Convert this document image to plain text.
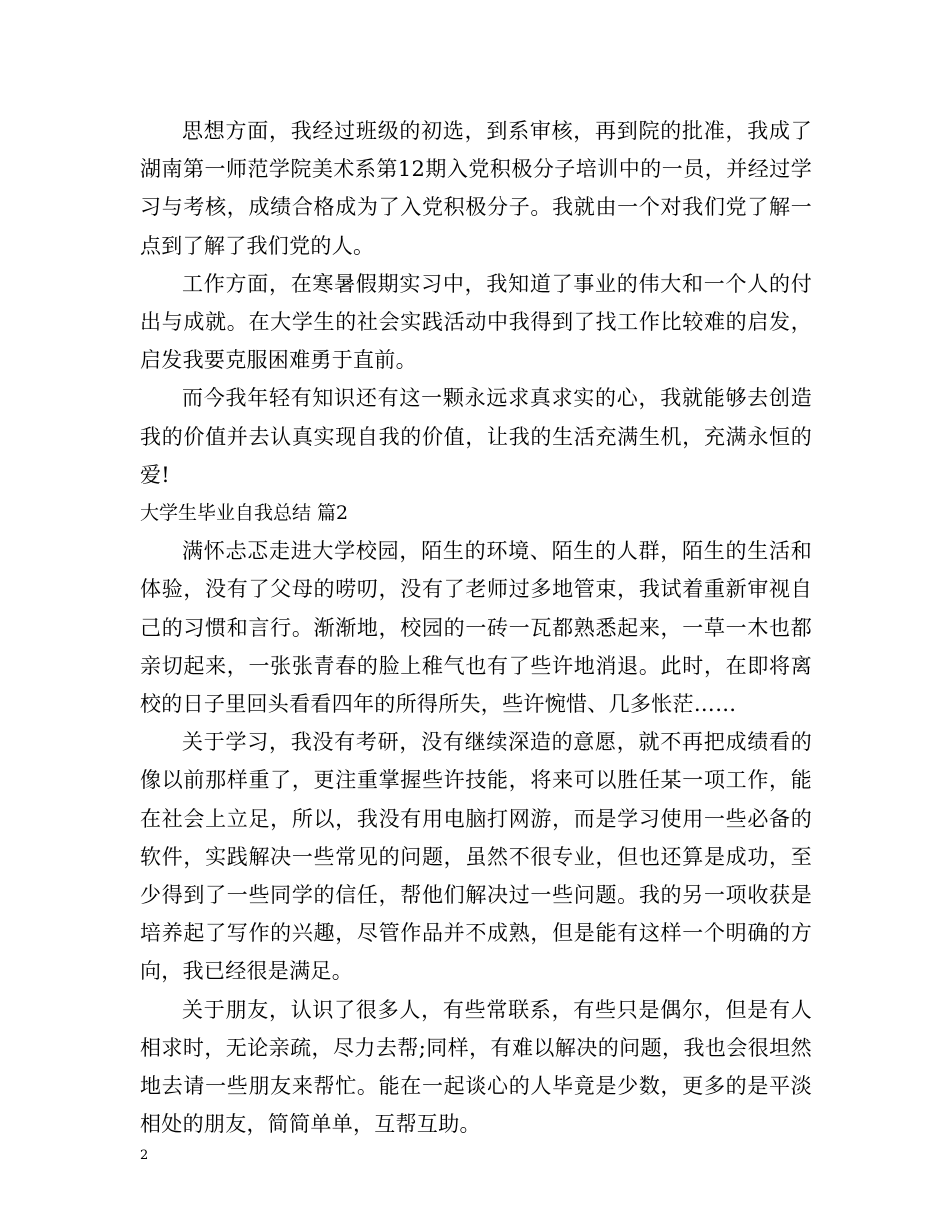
思想方面，我经过班级的初选，到系审核，再到院的批准，我成了湖南第一师范学院美术系第12期入党积极分子培训中的一员，并经过学习与考核，成绩合格成为了入党积极分子。我就由一个对我们党了解一点到了解了我们党的人。

工作方面，在寒暑假期实习中，我知道了事业的伟大和一个人的付出与成就。在大学生的社会实践活动中我得到了找工作比较难的启发，启发我要克服困难勇于直前。

而今我年轻有知识还有这一颗永远求真求实的心，我就能够去创造我的价值并去认真实现自我的价值，让我的生活充满生机，充满永恒的爱!

大学生毕业自我总结 篇2

满怀忐忑走进大学校园，陌生的环境、陌生的人群，陌生的生活和体验，没有了父母的唠叨，没有了老师过多地管束，我试着重新审视自己的习惯和言行。渐渐地，校园的一砖一瓦都熟悉起来，一草一木也都亲切起来，一张张青春的脸上稚气也有了些许地消退。此时，在即将离校的日子里回头看看四年的所得所失，些许惋惜、几多怅茫……

关于学习，我没有考研，没有继续深造的意愿，就不再把成绩看的像以前那样重了，更注重掌握些许技能，将来可以胜任某一项工作，能在社会上立足，所以，我没有用电脑打网游，而是学习使用一些必备的软件，实践解决一些常见的问题，虽然不很专业，但也还算是成功，至少得到了一些同学的信任，帮他们解决过一些问题。我的另一项收获是培养起了写作的兴趣，尽管作品并不成熟，但是能有这样一个明确的方向，我已经很是满足。

关于朋友，认识了很多人，有些常联系，有些只是偶尔，但是有人相求时，无论亲疏，尽力去帮;同样，有难以解决的问题，我也会很坦然地去请一些朋友来帮忙。能在一起谈心的人毕竟是少数，更多的是平淡相处的朋友，简简单单，互帮互助。

2
